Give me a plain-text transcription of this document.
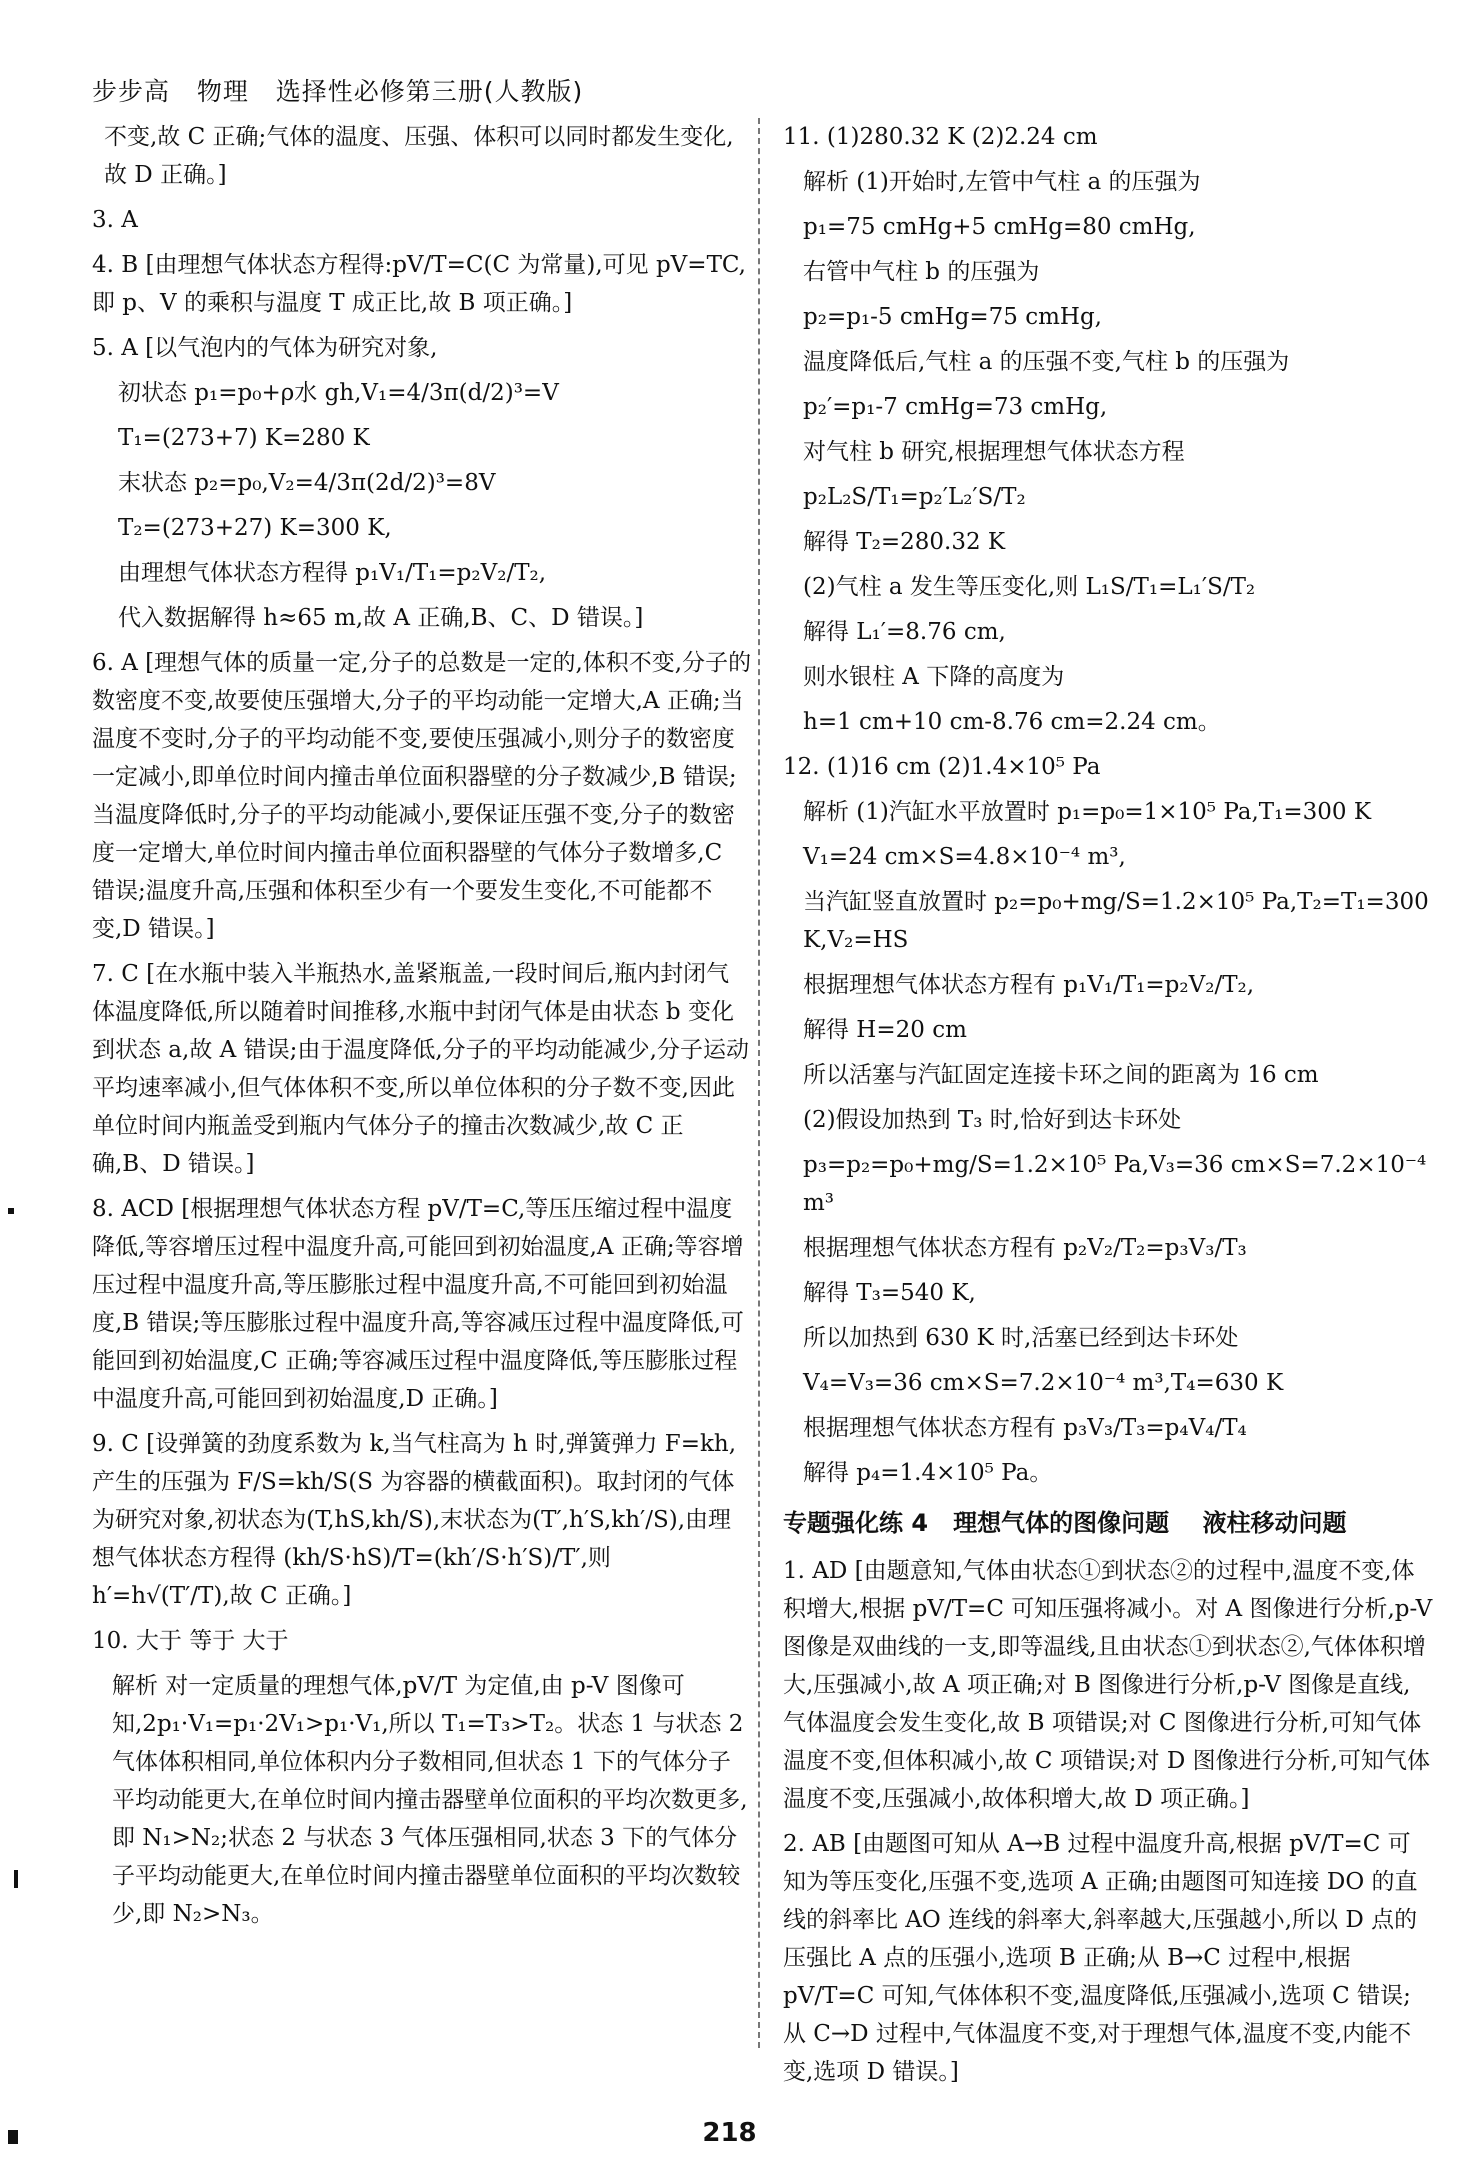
步步高 物理 选择性必修第三册(人教版)
不变,故 C 正确;气体的温度、压强、体积可以同时都发生变化,故 D 正确。]
3. A
4. B [由理想气体状态方程得:pV/T=C(C 为常量),可见 pV=TC,即 p、V 的乘积与温度 T 成正比,故 B 项正确。]
5. A [以气泡内的气体为研究对象,
初状态 p₁=p₀+ρ水 gh,V₁=4/3π(d/2)³=V
T₁=(273+7) K=280 K
末状态 p₂=p₀,V₂=4/3π(2d/2)³=8V
T₂=(273+27) K=300 K,
由理想气体状态方程得 p₁V₁/T₁=p₂V₂/T₂,
代入数据解得 h≈65 m,故 A 正确,B、C、D 错误。]
6. A [理想气体的质量一定,分子的总数是一定的,体积不变,分子的数密度不变,故要使压强增大,分子的平均动能一定增大,A 正确;当温度不变时,分子的平均动能不变,要使压强减小,则分子的数密度一定减小,即单位时间内撞击单位面积器壁的分子数减少,B 错误;当温度降低时,分子的平均动能减小,要保证压强不变,分子的数密度一定增大,单位时间内撞击单位面积器壁的气体分子数增多,C 错误;温度升高,压强和体积至少有一个要发生变化,不可能都不变,D 错误。]
7. C [在水瓶中装入半瓶热水,盖紧瓶盖,一段时间后,瓶内封闭气体温度降低,所以随着时间推移,水瓶中封闭气体是由状态 b 变化到状态 a,故 A 错误;由于温度降低,分子的平均动能减少,分子运动平均速率减小,但气体体积不变,所以单位体积的分子数不变,因此单位时间内瓶盖受到瓶内气体分子的撞击次数减少,故 C 正确,B、D 错误。]
8. ACD [根据理想气体状态方程 pV/T=C,等压压缩过程中温度降低,等容增压过程中温度升高,可能回到初始温度,A 正确;等容增压过程中温度升高,等压膨胀过程中温度升高,不可能回到初始温度,B 错误;等压膨胀过程中温度升高,等容减压过程中温度降低,可能回到初始温度,C 正确;等容减压过程中温度降低,等压膨胀过程中温度升高,可能回到初始温度,D 正确。]
9. C [设弹簧的劲度系数为 k,当气柱高为 h 时,弹簧弹力 F=kh,产生的压强为 F/S=kh/S(S 为容器的横截面积)。取封闭的气体为研究对象,初状态为(T,hS,kh/S),末状态为(T′,h′S,kh′/S),由理想气体状态方程得 (kh/S·hS)/T=(kh′/S·h′S)/T′,则 h′=h√(T′/T),故 C 正确。]
10. 大于 等于 大于
解析 对一定质量的理想气体,pV/T 为定值,由 p-V 图像可知,2p₁·V₁=p₁·2V₁>p₁·V₁,所以 T₁=T₃>T₂。状态 1 与状态 2 气体体积相同,单位体积内分子数相同,但状态 1 下的气体分子平均动能更大,在单位时间内撞击器壁单位面积的平均次数更多,即 N₁>N₂;状态 2 与状态 3 气体压强相同,状态 3 下的气体分子平均动能更大,在单位时间内撞击器壁单位面积的平均次数较少,即 N₂>N₃。
11. (1)280.32 K (2)2.24 cm
解析 (1)开始时,左管中气柱 a 的压强为
p₁=75 cmHg+5 cmHg=80 cmHg,
右管中气柱 b 的压强为
p₂=p₁-5 cmHg=75 cmHg,
温度降低后,气柱 a 的压强不变,气柱 b 的压强为
p₂′=p₁-7 cmHg=73 cmHg,
对气柱 b 研究,根据理想气体状态方程
p₂L₂S/T₁=p₂′L₂′S/T₂
解得 T₂=280.32 K
(2)气柱 a 发生等压变化,则 L₁S/T₁=L₁′S/T₂
解得 L₁′=8.76 cm,
则水银柱 A 下降的高度为
h=1 cm+10 cm-8.76 cm=2.24 cm。
12. (1)16 cm (2)1.4×10⁵ Pa
解析 (1)汽缸水平放置时 p₁=p₀=1×10⁵ Pa,T₁=300 K
V₁=24 cm×S=4.8×10⁻⁴ m³,
当汽缸竖直放置时 p₂=p₀+mg/S=1.2×10⁵ Pa,T₂=T₁=300 K,V₂=HS
根据理想气体状态方程有 p₁V₁/T₁=p₂V₂/T₂,
解得 H=20 cm
所以活塞与汽缸固定连接卡环之间的距离为 16 cm
(2)假设加热到 T₃ 时,恰好到达卡环处
p₃=p₂=p₀+mg/S=1.2×10⁵ Pa,V₃=36 cm×S=7.2×10⁻⁴ m³
根据理想气体状态方程有 p₂V₂/T₂=p₃V₃/T₃
解得 T₃=540 K,
所以加热到 630 K 时,活塞已经到达卡环处
V₄=V₃=36 cm×S=7.2×10⁻⁴ m³,T₄=630 K
根据理想气体状态方程有 p₃V₃/T₃=p₄V₄/T₄
解得 p₄=1.4×10⁵ Pa。
专题强化练 4 理想气体的图像问题 液柱移动问题
1. AD [由题意知,气体由状态①到状态②的过程中,温度不变,体积增大,根据 pV/T=C 可知压强将减小。对 A 图像进行分析,p-V 图像是双曲线的一支,即等温线,且由状态①到状态②,气体体积增大,压强减小,故 A 项正确;对 B 图像进行分析,p-V 图像是直线,气体温度会发生变化,故 B 项错误;对 C 图像进行分析,可知气体温度不变,但体积减小,故 C 项错误;对 D 图像进行分析,可知气体温度不变,压强减小,故体积增大,故 D 项正确。]
2. AB [由题图可知从 A→B 过程中温度升高,根据 pV/T=C 可知为等压变化,压强不变,选项 A 正确;由题图可知连接 DO 的直线的斜率比 AO 连线的斜率大,斜率越大,压强越小,所以 D 点的压强比 A 点的压强小,选项 B 正确;从 B→C 过程中,根据 pV/T=C 可知,气体体积不变,温度降低,压强减小,选项 C 错误;从 C→D 过程中,气体温度不变,对于理想气体,温度不变,内能不变,选项 D 错误。]
218
